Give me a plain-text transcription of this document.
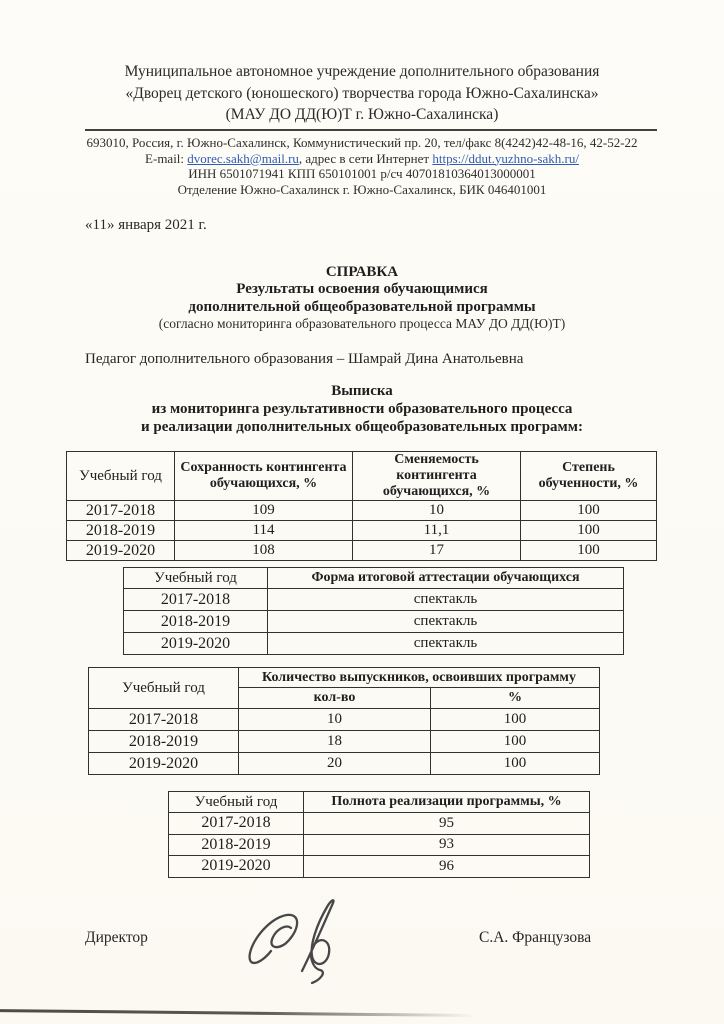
Муниципальное автономное учреждение дополнительного образования
«Дворец детского (юношеского) творчества города Южно-Сахалинска»
(МАУ ДО ДД(Ю)Т г. Южно-Сахалинска)
693010, Россия, г. Южно-Сахалинск, Коммунистический пр. 20, тел/факс 8(4242)42-48-16, 42-52-22
E-mail: dvorec.sakh@mail.ru, адрес в сети Интернет https://ddut.yuzhno-sakh.ru/
ИНН 6501071941 КПП 650101001 р/сч 40701810364013000001
Отделение Южно-Сахалинск г. Южно-Сахалинск, БИК 046401001
«11» января 2021 г.
СПРАВКА
Результаты освоения обучающимися
дополнительной общеобразовательной программы
(согласно мониторинга образовательного процесса МАУ ДО ДД(Ю)Т)
Педагог дополнительного образования – Шамрай Дина Анатольевна
Выписка
из мониторинга результативности образовательного процесса
и реализации дополнительных общеобразовательных программ:
Учебный год	Сохранность контингента обучающихся, %	Сменяемость контингента обучающихся, %	Степень обученности, %
2017-2018	109	10	100
2018-2019	114	11,1	100
2019-2020	108	17	100
Учебный год	Форма итоговой аттестации обучающихся
2017-2018	спектакль
2018-2019	спектакль
2019-2020	спектакль
Учебный год	Количество выпускников, освоивших программу	
	кол-во	%
2017-2018	10	100
2018-2019	18	100
2019-2020	20	100
Учебный год	Полнота реализации программы, %
2017-2018	95
2018-2019	93
2019-2020	96
Директор	С.А. Французова
